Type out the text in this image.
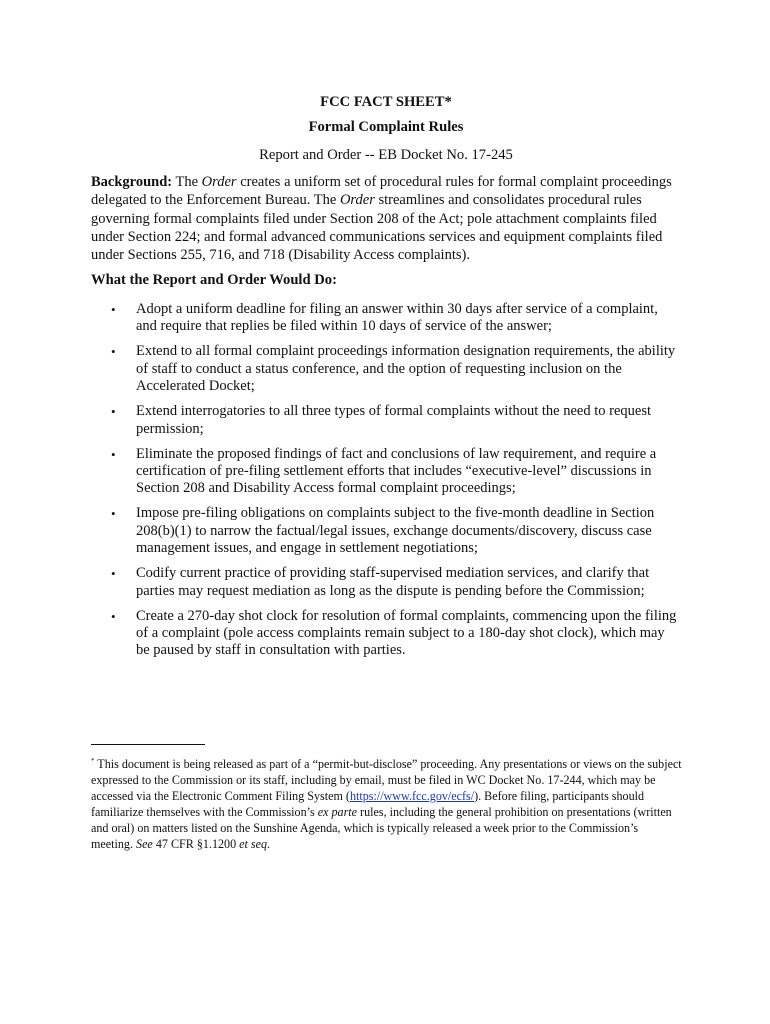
FCC FACT SHEET*
Formal Complaint Rules
Report and Order -- EB Docket No. 17-245

Background: The Order creates a uniform set of procedural rules for formal complaint proceedings delegated to the Enforcement Bureau. The Order streamlines and consolidates procedural rules governing formal complaints filed under Section 208 of the Act; pole attachment complaints filed under Section 224; and formal advanced communications services and equipment complaints filed under Sections 255, 716, and 718 (Disability Access complaints).

What the Report and Order Would Do:
• Adopt a uniform deadline for filing an answer within 30 days after service of a complaint, and require that replies be filed within 10 days of service of the answer;
• Extend to all formal complaint proceedings information designation requirements, the ability of staff to conduct a status conference, and the option of requesting inclusion on the Accelerated Docket;
• Extend interrogatories to all three types of formal complaints without the need to request permission;
• Eliminate the proposed findings of fact and conclusions of law requirement, and require a certification of pre-filing settlement efforts that includes “executive-level” discussions in Section 208 and Disability Access formal complaint proceedings;
• Impose pre-filing obligations on complaints subject to the five-month deadline in Section 208(b)(1) to narrow the factual/legal issues, exchange documents/discovery, discuss case management issues, and engage in settlement negotiations;
• Codify current practice of providing staff-supervised mediation services, and clarify that parties may request mediation as long as the dispute is pending before the Commission;
• Create a 270-day shot clock for resolution of formal complaints, commencing upon the filing of a complaint (pole access complaints remain subject to a 180-day shot clock), which may be paused by staff in consultation with parties.

* This document is being released as part of a “permit-but-disclose” proceeding. Any presentations or views on the subject expressed to the Commission or its staff, including by email, must be filed in WC Docket No. 17-244, which may be accessed via the Electronic Comment Filing System (https://www.fcc.gov/ecfs/). Before filing, participants should familiarize themselves with the Commission’s ex parte rules, including the general prohibition on presentations (written and oral) on matters listed on the Sunshine Agenda, which is typically released a week prior to the Commission’s meeting. See 47 CFR §1.1200 et seq.
